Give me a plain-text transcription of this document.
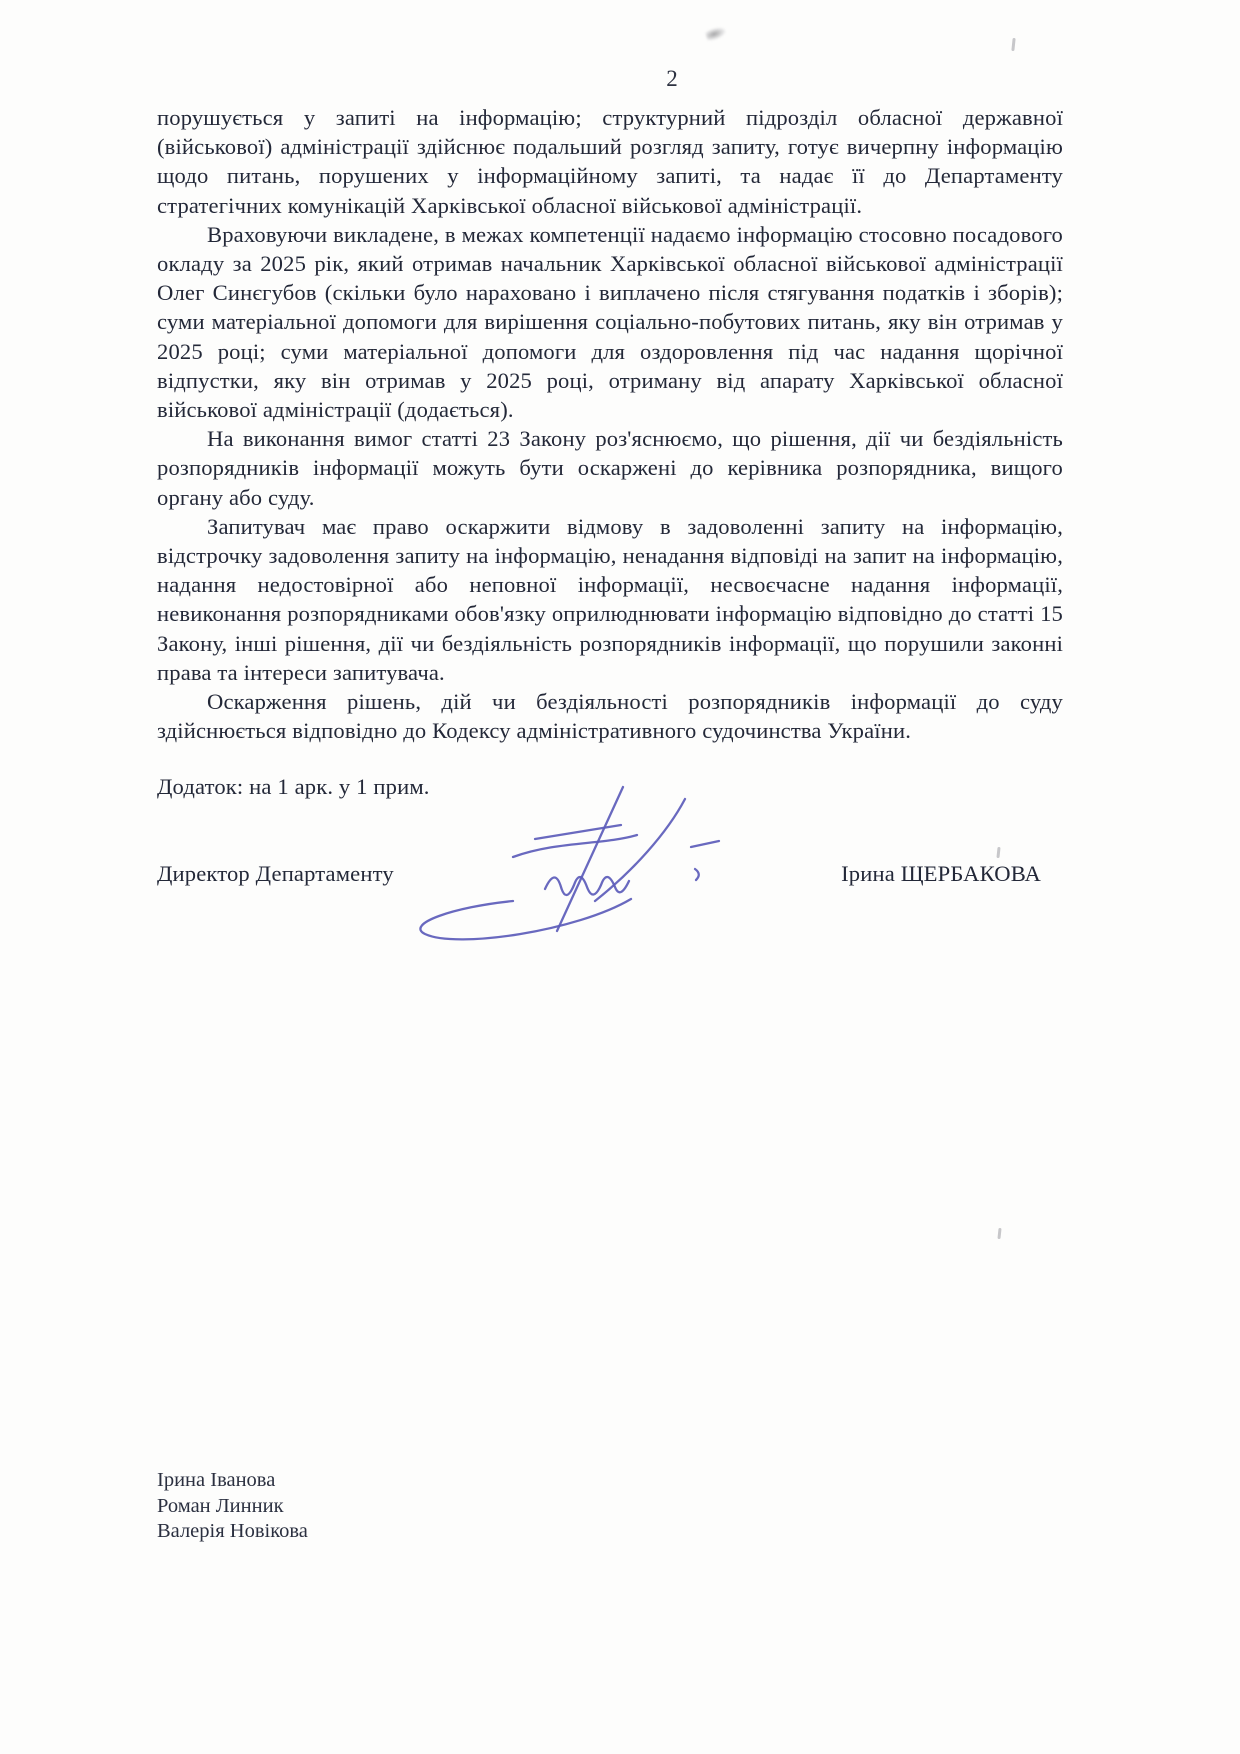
2

порушується у запиті на інформацію; структурний підрозділ обласної державної (військової) адміністрації здійснює подальший розгляд запиту, готує вичерпну інформацію щодо питань, порушених у інформаційному запиті, та надає її до Департаменту стратегічних комунікацій Харківської обласної військової адміністрації.

Враховуючи викладене, в межах компетенції надаємо інформацію стосовно посадового окладу за 2025 рік, який отримав начальник Харківської обласної військової адміністрації Олег Синєгубов (скільки було нараховано і виплачено після стягування податків і зборів); суми матеріальної допомоги для вирішення соціально-побутових питань, яку він отримав у 2025 році; суми матеріальної допомоги для оздоровлення під час надання щорічної відпустки, яку він отримав у 2025 році, отриману від апарату Харківської обласної військової адміністрації (додається).

На виконання вимог статті 23 Закону роз'яснюємо, що рішення, дії чи бездіяльність розпорядників інформації можуть бути оскаржені до керівника розпорядника, вищого органу або суду.

Запитувач має право оскаржити відмову в задоволенні запиту на інформацію, відстрочку задоволення запиту на інформацію, ненадання відповіді на запит на інформацію, надання недостовірної або неповної інформації, несвоєчасне надання інформації, невиконання розпорядниками обов'язку оприлюднювати інформацію відповідно до статті 15 Закону, інші рішення, дії чи бездіяльність розпорядників інформації, що порушили законні права та інтереси запитувача.

Оскарження рішень, дій чи бездіяльності розпорядників інформації до суду здійснюється відповідно до Кодексу адміністративного судочинства України.

Додаток: на 1 арк. у 1 прим.

Директор Департаменту	Ірина ЩЕРБАКОВА
Ірина Іванова
Роман Линник
Валерія Новікова
